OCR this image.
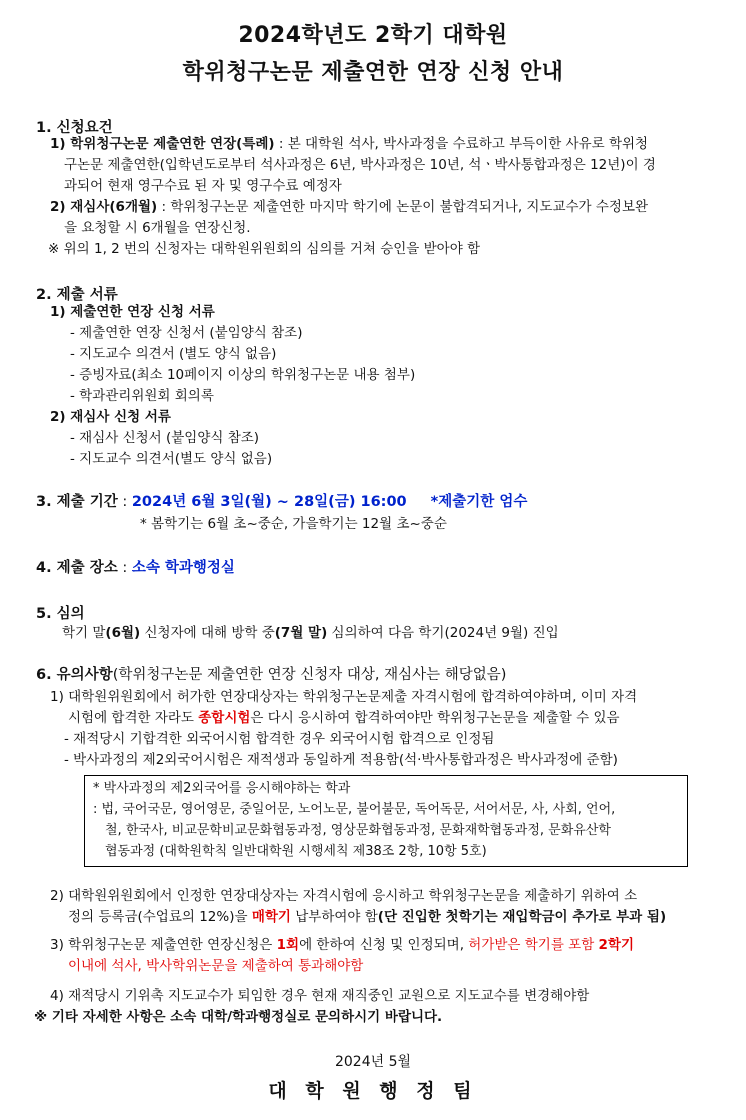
2024학년도 2학기 대학원
학위청구논문 제출연한 연장 신청 안내
1. 신청요건
1) 학위청구논문 제출연한 연장(특례) : 본 대학원 석사, 박사과정을 수료하고 부득이한 사유로 학위청
구논문 제출연한(입학년도로부터 석사과정은 6년, 박사과정은 10년, 석ㆍ박사통합과정은 12년)이 경
과되어 현재 영구수료 된 자 및 영구수료 예정자
2) 재심사(6개월) : 학위청구논문 제출연한 마지막 학기에 논문이 불합격되거나, 지도교수가 수정보완
을 요청할 시 6개월을 연장신청.
※ 위의 1, 2 번의 신청자는 대학원위원회의 심의를 거쳐 승인을 받아야 함
2. 제출 서류
1) 제출연한 연장 신청 서류
- 제출연한 연장 신청서 (붙임양식 참조)
- 지도교수 의견서 (별도 양식 없음)
- 증빙자료(최소 10페이지 이상의 학위청구논문 내용 첨부)
- 학과관리위원회 회의록
2) 재심사 신청 서류
- 재심사 신청서 (붙임양식 참조)
- 지도교수 의견서(별도 양식 없음)
3. 제출 기간 : 2024년 6월 3일(월) ~ 28일(금) 16:00 *제출기한 엄수
* 봄학기는 6월 초~중순, 가을학기는 12월 초~중순
4. 제출 장소 : 소속 학과행정실
5. 심의
학기 말(6월) 신청자에 대해 방학 중(7월 말) 심의하여 다음 학기(2024년 9월) 진입
6. 유의사항(학위청구논문 제출연한 연장 신청자 대상, 재심사는 해당없음)
1) 대학원위원회에서 허가한 연장대상자는 학위청구논문제출 자격시험에 합격하여야하며, 이미 자격
시험에 합격한 자라도 종합시험은 다시 응시하여 합격하여야만 학위청구논문을 제출할 수 있음
- 재적당시 기합격한 외국어시험 합격한 경우 외국어시험 합격으로 인정됨
- 박사과정의 제2외국어시험은 재적생과 동일하게 적용함(석·박사통합과정은 박사과정에 준함)
* 박사과정의 제2외국어를 응시해야하는 학과
: 법, 국어국문, 영어영문, 중일어문, 노어노문, 불어불문, 독어독문, 서어서문, 사, 사회, 언어,
철, 한국사, 비교문학비교문화협동과정, 영상문화협동과정, 문화재학협동과정, 문화유산학
협동과정 (대학원학칙 일반대학원 시행세칙 제38조 2항, 10항 5호)
2) 대학원위원회에서 인정한 연장대상자는 자격시험에 응시하고 학위청구논문을 제출하기 위하여 소
정의 등록금(수업료의 12%)을 매학기 납부하여야 함(단 진입한 첫학기는 재입학금이 추가로 부과 됨)
3) 학위청구논문 제출연한 연장신청은 1회에 한하여 신청 및 인정되며, 허가받은 학기를 포함 2학기
이내에 석사, 박사학위논문을 제출하여 통과해야함
4) 재적당시 기위촉 지도교수가 퇴임한 경우 현재 재직중인 교원으로 지도교수를 변경해야함
※ 기타 자세한 사항은 소속 대학/학과행정실로 문의하시기 바랍니다.
2024년 5월
대 학 원 행 정 팀
